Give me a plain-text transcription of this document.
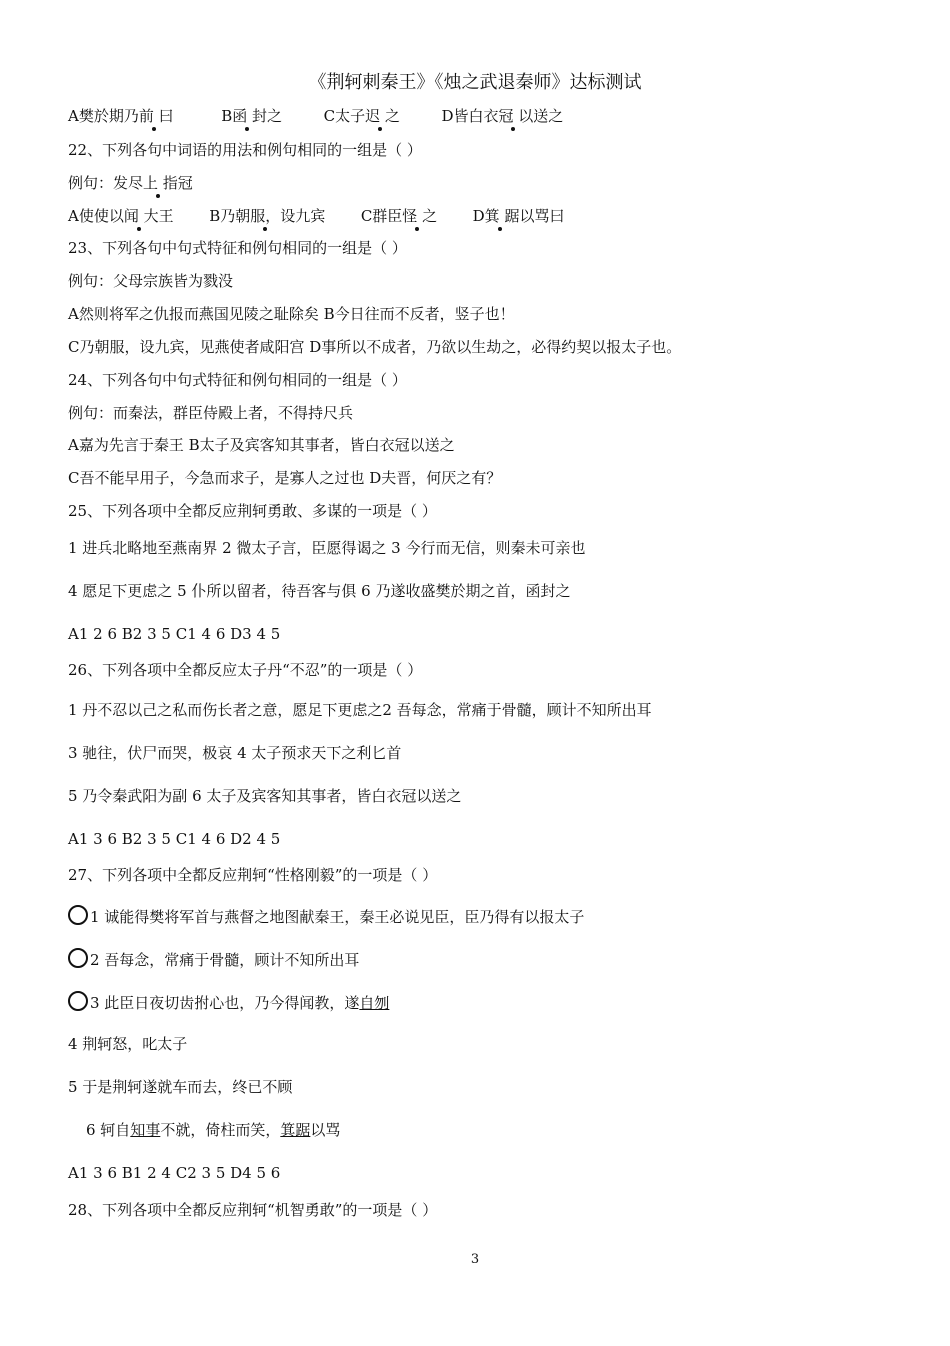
《荆轲刺秦王》《烛之武退秦师》达标测试
A樊於期乃前 曰	B函 封之	C太子迟 之	D皆白衣冠 以送之
22、下列各句中词语的用法和例句相同的一组是（ ）
例句：发尽上 指冠
A使使以闻 大王 B乃朝服，设九宾 C群臣怪 之 D箕 踞以骂曰
23、下列各句中句式特征和例句相同的一组是（ ）
例句：父母宗族皆为戮没
A然则将军之仇报而燕国见陵之耻除矣 B今日往而不反者，竖子也！
C乃朝服，设九宾，见燕使者咸阳宫 D事所以不成者，乃欲以生劫之，必得约契以报太子也。
24、下列各句中句式特征和例句相同的一组是（ ）
例句：而秦法，群臣侍殿上者，不得持尺兵
A嘉为先言于秦王 B太子及宾客知其事者，皆白衣冠以送之
C吾不能早用子，今急而求子，是寡人之过也 D夫晋，何厌之有？
25、下列各项中全都反应荆轲勇敢、多谋的一项是（ ）
1 进兵北略地至燕南界 2 微太子言，臣愿得谒之 3 今行而无信，则秦未可亲也
4 愿足下更虑之 5 仆所以留者，待吾客与俱 6 乃遂收盛樊於期之首，函封之
A1 2 6 B2 3 5 C1 4 6 D3 4 5
26、下列各项中全都反应太子丹“不忍”的一项是（ ）
1 丹不忍以己之私而伤长者之意，愿足下更虑之2 吾每念，常痛于骨髓，顾计不知所出耳
3 驰往，伏尸而哭，极哀 4 太子预求天下之利匕首
5 乃令秦武阳为副 6 太子及宾客知其事者，皆白衣冠以送之
A1 3 6 B2 3 5 C1 4 6 D2 4 5
27、下列各项中全都反应荆轲“性格刚毅”的一项是（ ）
1 诚能得樊将军首与燕督之地图献秦王，秦王必说见臣，臣乃得有以报太子
2 吾每念，常痛于骨髓，顾计不知所出耳
3 此臣日夜切齿拊心也，乃今得闻教，遂自刎
4 荆轲怒，叱太子
5 于是荆轲遂就车而去，终已不顾
6 轲自知事不就，倚柱而笑，箕踞以骂
A1 3 6 B1 2 4 C2 3 5 D4 5 6
28、下列各项中全都反应荆轲“机智勇敢”的一项是（ ）
3
